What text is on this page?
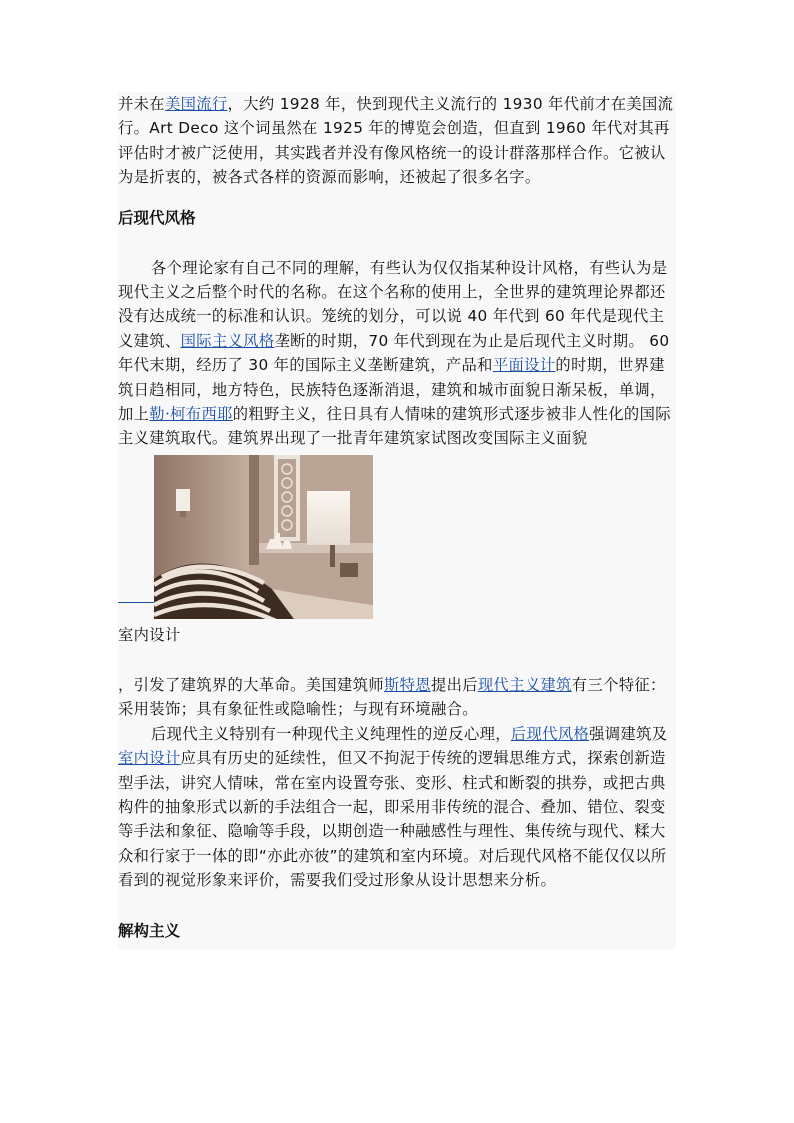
并未在美国流行，大约 1928 年，快到现代主义流行的 1930 年代前才在美国流行。Art Deco 这个词虽然在 1925 年的博览会创造，但直到 1960 年代对其再评估时才被广泛使用，其实践者并没有像风格统一的设计群落那样合作。它被认为是折衷的，被各式各样的资源而影响，还被起了很多名字。

后现代风格

各个理论家有自己不同的理解，有些认为仅仅指某种设计风格，有些认为是现代主义之后整个时代的名称。在这个名称的使用上，全世界的建筑理论界都还没有达成统一的标准和认识。笼统的划分，可以说 40 年代到 60 年代是现代主义建筑、国际主义风格垄断的时期，70 年代到现在为止是后现代主义时期。 60 年代末期，经历了 30 年的国际主义垄断建筑，产品和平面设计的时期，世界建筑日趋相同，地方特色，民族特色逐渐消退，建筑和城市面貌日渐呆板，单调，加上勒·柯布西耶的粗野主义，往日具有人情味的建筑形式逐步被非人性化的国际主义建筑取代。建筑界出现了一批青年建筑家试图改变国际主义面貌

室内设计

，引发了建筑界的大革命。美国建筑师斯特恩提出后现代主义建筑有三个特征：采用装饰；具有象征性或隐喻性；与现有环境融合。

后现代主义特别有一种现代主义纯理性的逆反心理，后现代风格强调建筑及室内设计应具有历史的延续性，但又不拘泥于传统的逻辑思维方式，探索创新造型手法，讲究人情味，常在室内设置夸张、变形、柱式和断裂的拱券，或把古典构件的抽象形式以新的手法组合一起，即采用非传统的混合、叠加、错位、裂变等手法和象征、隐喻等手段，以期创造一种融感性与理性、集传统与现代、糅大众和行家于一体的即“亦此亦彼”的建筑和室内环境。对后现代风格不能仅仅以所看到的视觉形象来评价，需要我们受过形象从设计思想来分析。

解构主义
